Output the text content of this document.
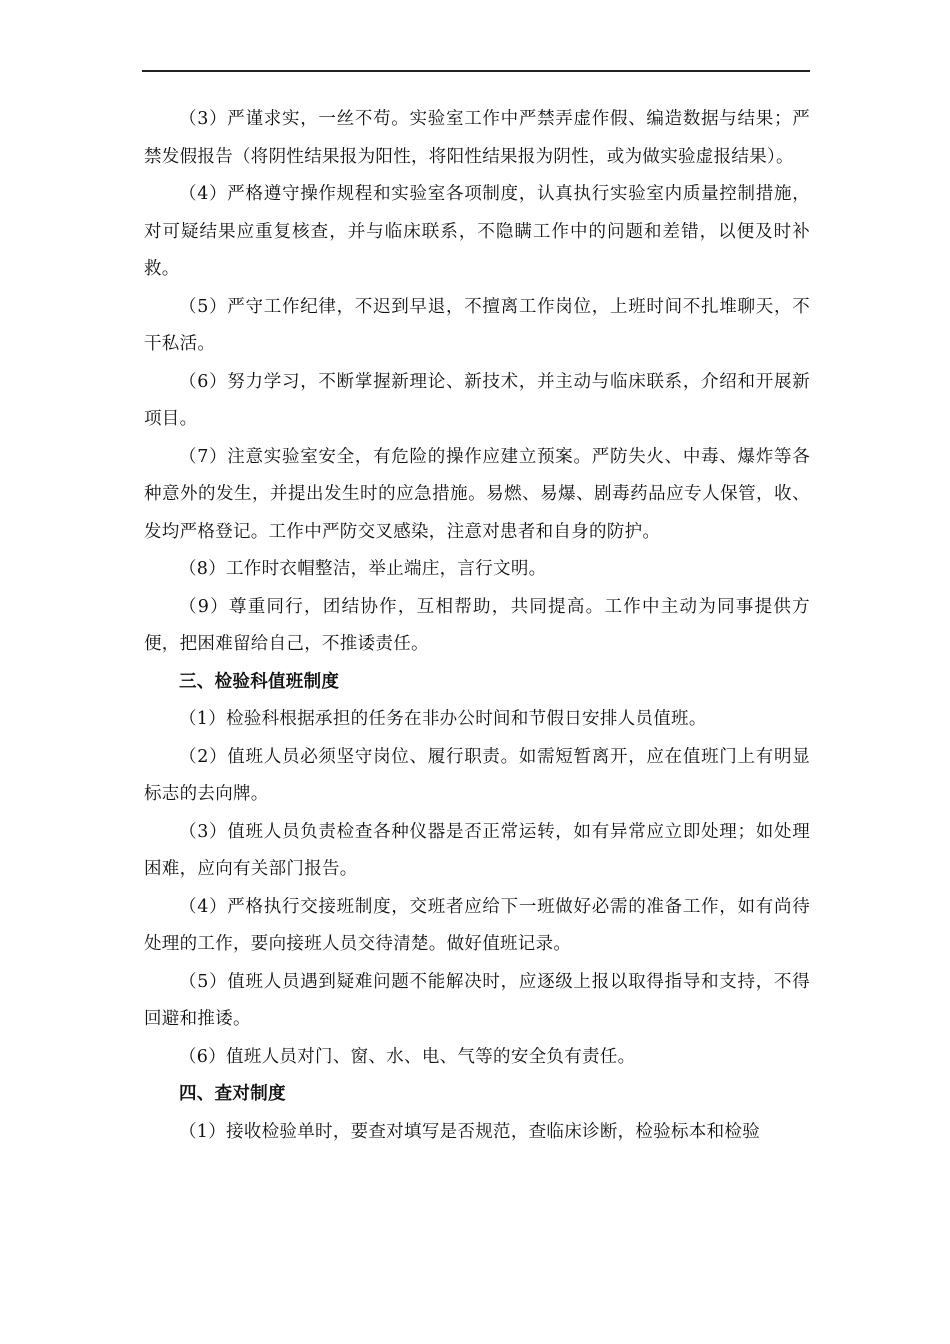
（3）严谨求实，一丝不苟。实验室工作中严禁弄虚作假、编造数据与结果；严禁发假报告（将阴性结果报为阳性，将阳性结果报为阴性，或为做实验虚报结果）。

（4）严格遵守操作规程和实验室各项制度，认真执行实验室内质量控制措施，对可疑结果应重复核查，并与临床联系，不隐瞒工作中的问题和差错，以便及时补救。

（5）严守工作纪律，不迟到早退，不擅离工作岗位，上班时间不扎堆聊天，不干私活。

（6）努力学习，不断掌握新理论、新技术，并主动与临床联系，介绍和开展新项目。

（7）注意实验室安全，有危险的操作应建立预案。严防失火、中毒、爆炸等各种意外的发生，并提出发生时的应急措施。易燃、易爆、剧毒药品应专人保管，收、发均严格登记。工作中严防交叉感染，注意对患者和自身的防护。

（8）工作时衣帽整洁，举止端庄，言行文明。

（9）尊重同行，团结协作，互相帮助，共同提高。工作中主动为同事提供方便，把困难留给自己，不推诿责任。

三、检验科值班制度

（1）检验科根据承担的任务在非办公时间和节假日安排人员值班。

（2）值班人员必须坚守岗位、履行职责。如需短暂离开，应在值班门上有明显标志的去向牌。

（3）值班人员负责检查各种仪器是否正常运转，如有异常应立即处理；如处理困难，应向有关部门报告。

（4）严格执行交接班制度，交班者应给下一班做好必需的准备工作，如有尚待处理的工作，要向接班人员交待清楚。做好值班记录。

（5）值班人员遇到疑难问题不能解决时，应逐级上报以取得指导和支持，不得回避和推诿。

（6）值班人员对门、窗、水、电、气等的安全负有责任。

四、查对制度

（1）接收检验单时，要查对填写是否规范，查临床诊断，检验标本和检验
